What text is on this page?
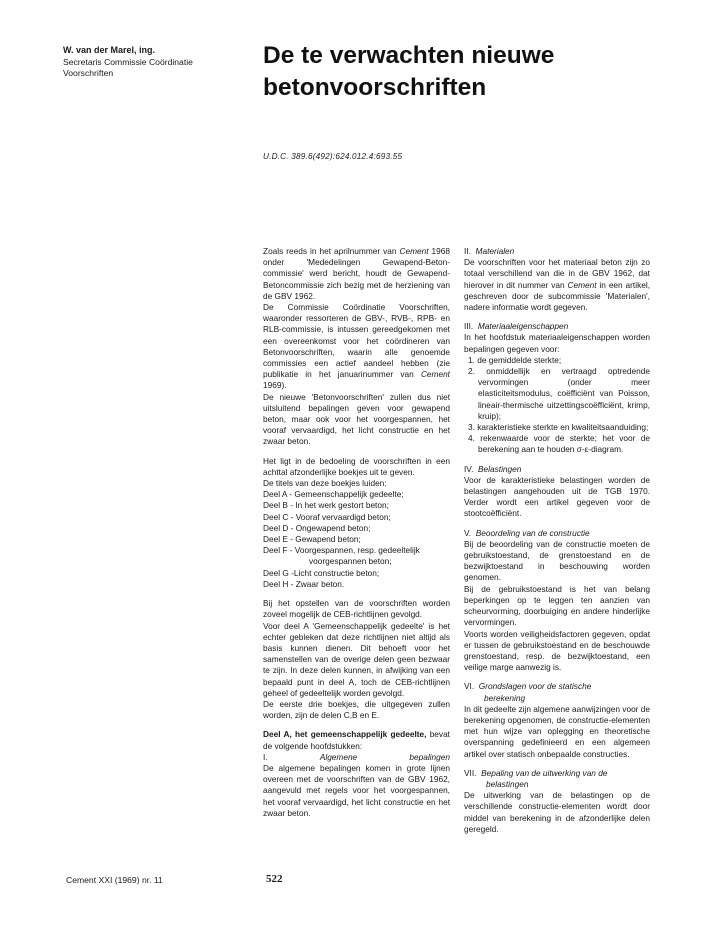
W. van der Marel, ing.
Secretaris Commissie Coördinatie
Voorschriften
De te verwachten nieuwe
betonvoorschriften
U.D.C. 389.6(492):624.012.4:693.55

Zoals reeds in het aprilnummer van Cement 1968 onder 'Mededelingen Gewapend-Beton-commissie' werd bericht, houdt de Gewapend-Betoncommissie zich bezig met de herziening van de GBV 1962.

De Commissie Coördinatie Voorschriften, waaronder ressorteren de GBV-, RVB-, RPB- en RLB-commissie, is intussen gereedgekomen met een overeenkomst voor het coördineren van Betonvoorschriften, waarin alle genoemde commissies een actief aandeel hebben (zie publikatie in het januarinummer van Cement 1969).

De nieuwe 'Betonvoorschriften' zullen dus niet uitsluitend bepalingen geven voor gewapend beton, maar ook voor het voorgespannen, het vooraf vervaardigd, het licht constructie en het zwaar beton.

Het ligt in de bedoeling de voorschriften in een achttal afzonderlijke boekjes uit te geven.

De titels van deze boekjes luiden:

Deel A - Gemeenschappelijk gedeelte;

Deel B - In het werk gestort beton;

Deel C - Vooraf vervaardigd beton;

Deel D - Ongewapend beton;

Deel E - Gewapend beton;

Deel F - Voorgespannen, resp. gedeeltelijk

voorgespannen beton;

Deel G -Licht constructie beton;

Deel H - Zwaar beton.

Bij het opstellen van de voorschriften worden zoveel mogelijk de CEB-richtlijnen gevolgd.

Voor deel A 'Gemeenschappelijk gedeelte' is het echter gebleken dat deze richtlijnen niet altijd als basis kunnen dienen. Dit behoeft voor het samenstellen van de overige delen geen bezwaar te zijn. In deze delen kunnen, in afwijking van een bepaald punt in deel A, toch de CEB-richtlijnen geheel of gedeeltelijk worden gevolgd.

De eerste drie boekjes, die uitgegeven zullen worden, zijn de delen C,B en E.

Deel A, het gemeenschappelijk gedeelte, bevat de volgende hoofdstukken:

I.	Algemene	bepalingen

De algemene bepalingen komen in grote lijnen overeen met de voorschriften van de GBV 1962, aangevuld met regels voor het voorgespannen, het vooraf vervaardigd, het licht constructie en het zwaar beton.

II. Materialen

De voorschriften voor het materiaal beton zijn zo totaal verschillend van die in de GBV 1962, dat hierover in dit nummer van Cement in een artikel, geschreven door de subcommissie 'Materialen', nadere informatie wordt gegeven.

III. Materiaaleigenschappen

In het hoofdstuk materiaaleigenschappen worden bepalingen gegeven voor:

1. de gemiddelde sterkte;

2. onmiddellijk en vertraagd optredende vervormingen (onder meer elasticiteitsmodulus, coëfficiënt van Poisson, lineair-thermische uitzettingscoëfficiënt, krimp, kruip);

3. karakteristieke sterkte en kwaliteitsaanduiding;

4. rekenwaarde voor de sterkte; het voor de berekening aan te houden σ-ε-diagram.

IV. Belastingen

Voor de karakteristieke belastingen worden de belastingen aangehouden uit de TGB 1970. Verder wordt een artikel gegeven voor de stootcoëfficiënt.

V. Beoordeling van de constructie

Bij de beoordeling van de constructie moeten de gebruikstoestand, de grenstoestand en de bezwijktoestand in beschouwing worden genomen.

Bij de gebruikstoestand is het van belang beperkingen op te leggen ten aanzien van scheurvorming, doorbuiging en andere hinderlijke vervormingen.

Voorts worden veiligheidsfactoren gegeven, opdat er tussen de gebruikstoestand en de beschouwde grenstoestand, resp. de bezwijktoestand, een veilige marge aanwezig is.

VI. Grondslagen voor de statische

berekening

In dit gedeelte zijn algemene aanwijzingen voor de berekening opgenomen, de constructie-elementen met hun wijze van oplegging en theoretische overspanning gedefinieerd en een algemeen artikel over statisch onbepaalde constructies.

VII. Bepaling van de uitwerking van de

belastingen

De uitwerking van de belastingen op de verschillende constructie-elementen wordt door middel van berekening in de afzonderlijke delen geregeld.

Cement XXI (1969) nr. 11	522
